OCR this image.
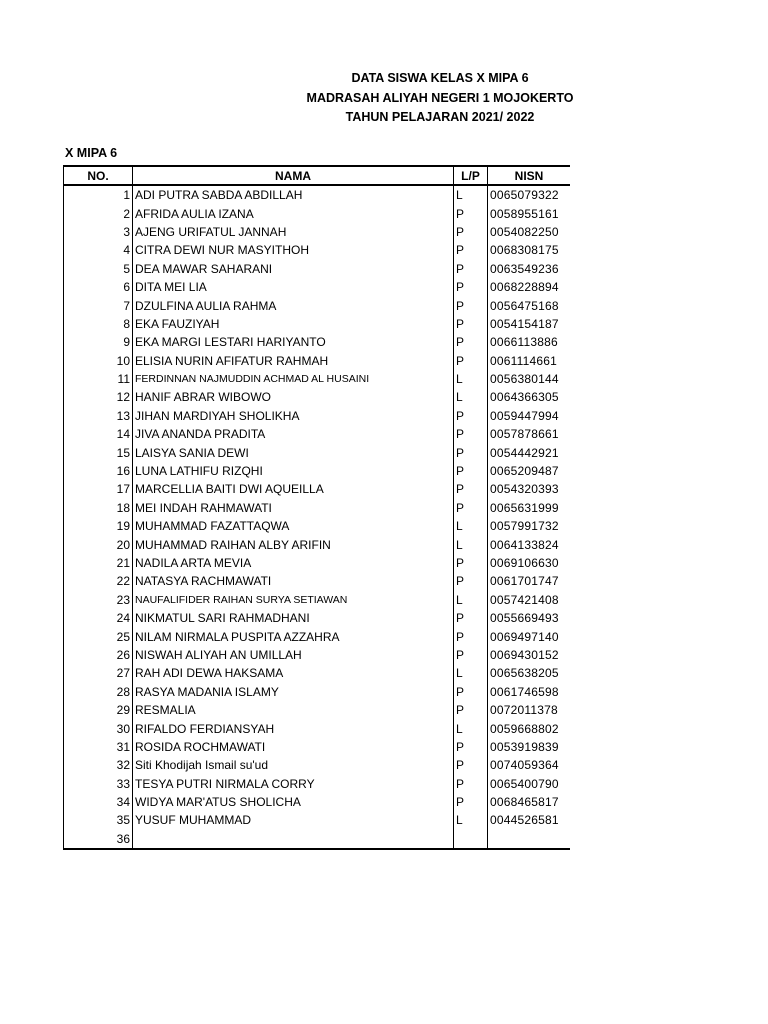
DATA SISWA KELAS X MIPA 6
MADRASAH ALIYAH NEGERI 1 MOJOKERTO
TAHUN PELAJARAN 2021/ 2022
X MIPA 6
NO.	NAMA	L/P	NISN
1	ADI PUTRA SABDA ABDILLAH	L	0065079322
2	AFRIDA AULIA IZANA	P	0058955161
3	AJENG URIFATUL JANNAH	P	0054082250
4	CITRA DEWI NUR MASYITHOH	P	0068308175
5	DEA MAWAR SAHARANI	P	0063549236
6	DITA MEI LIA	P	0068228894
7	DZULFINA AULIA RAHMA	P	0056475168
8	EKA FAUZIYAH	P	0054154187
9	EKA MARGI LESTARI HARIYANTO	P	0066113886
10	ELISIA NURIN AFIFATUR RAHMAH	P	0061114661
11	FERDINNAN NAJMUDDIN ACHMAD AL HUSAINI	L	0056380144
12	HANIF ABRAR WIBOWO	L	0064366305
13	JIHAN MARDIYAH SHOLIKHA	P	0059447994
14	JIVA ANANDA PRADITA	P	0057878661
15	LAISYA SANIA DEWI	P	0054442921
16	LUNA LATHIFU RIZQHI	P	0065209487
17	MARCELLIA BAITI DWI AQUEILLA	P	0054320393
18	MEI INDAH RAHMAWATI	P	0065631999
19	MUHAMMAD FAZATTAQWA	L	0057991732
20	MUHAMMAD RAIHAN ALBY ARIFIN	L	0064133824
21	NADILA ARTA MEVIA	P	0069106630
22	NATASYA RACHMAWATI	P	0061701747
23	NAUFALIFIDER RAIHAN SURYA SETIAWAN	L	0057421408
24	NIKMATUL SARI RAHMADHANI	P	0055669493
25	NILAM NIRMALA PUSPITA AZZAHRA	P	0069497140
26	NISWAH ALIYAH AN UMILLAH	P	0069430152
27	RAH ADI DEWA HAKSAMA	L	0065638205
28	RASYA MADANIA ISLAMY	P	0061746598
29	RESMALIA	P	0072011378
30	RIFALDO FERDIANSYAH	L	0059668802
31	ROSIDA ROCHMAWATI	P	0053919839
32	Siti Khodijah Ismail su'ud	P	0074059364
33	TESYA PUTRI NIRMALA CORRY	P	0065400790
34	WIDYA MAR'ATUS SHOLICHA	P	0068465817
35	YUSUF MUHAMMAD	L	0044526581
36			
